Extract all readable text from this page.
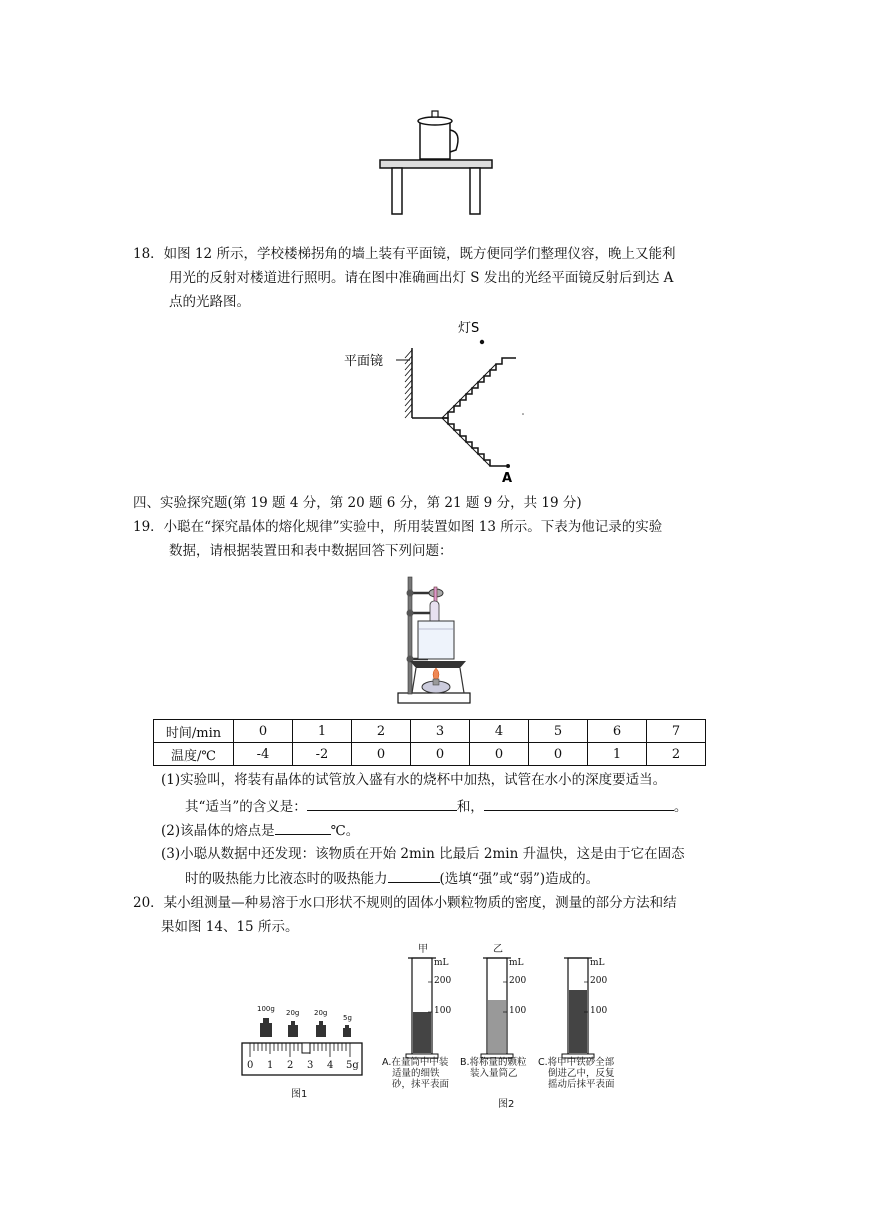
18．如图 12 所示，学校楼梯拐角的墙上装有平面镜，既方便同学们整理仪容，晚上又能利
用光的反射对楼道进行照明。请在图中准确画出灯 S 发出的光经平面镜反射后到达 A
点的光路图。
灯S
平面镜
A
四、实验探究题(第 19 题 4 分，第 20 题 6 分，第 21 题 9 分，共 19 分)
19．小聪在“探究晶体的熔化规律”实验中，所用装置如图 13 所示。下表为他记录的实验
数据，请根据装置田和表中数据回答下列问题：
时间/min	0	1	2	3	4	5	6	7
温度/℃	-4	-2	0	0	0	0	1	2
(1)实验叫，将装有晶体的试管放入盛有水的烧杯中加热，试管在水小的深度要适当。
其“适当”的含义是：	和，	。
(2)该晶体的熔点是	℃。
(3)小聪从数据中还发现：该物质在开始 2min 比最后 2min 升温快，这是由于它在固态
时的吸热能力比液态时的吸热能力	(选填“强”或“弱”)造成的。
20．某小组测量—种易溶于水口形状不规则的固体小颗粒物质的密度，测量的部分方法和结
果如图 14、15 所示。
100g 20g 20g
5g
0 1 2 3 4 5g
图1
甲	乙
mL
200
100
mL
200
100
mL
200
100
A.在量筒中中装
适量的细铁
砂，抹平表面
B.将称量的颗粒
装入量筒乙
C.将甲中铁砂全部
倒进乙中，反复
摇动后抹平表面
图2
